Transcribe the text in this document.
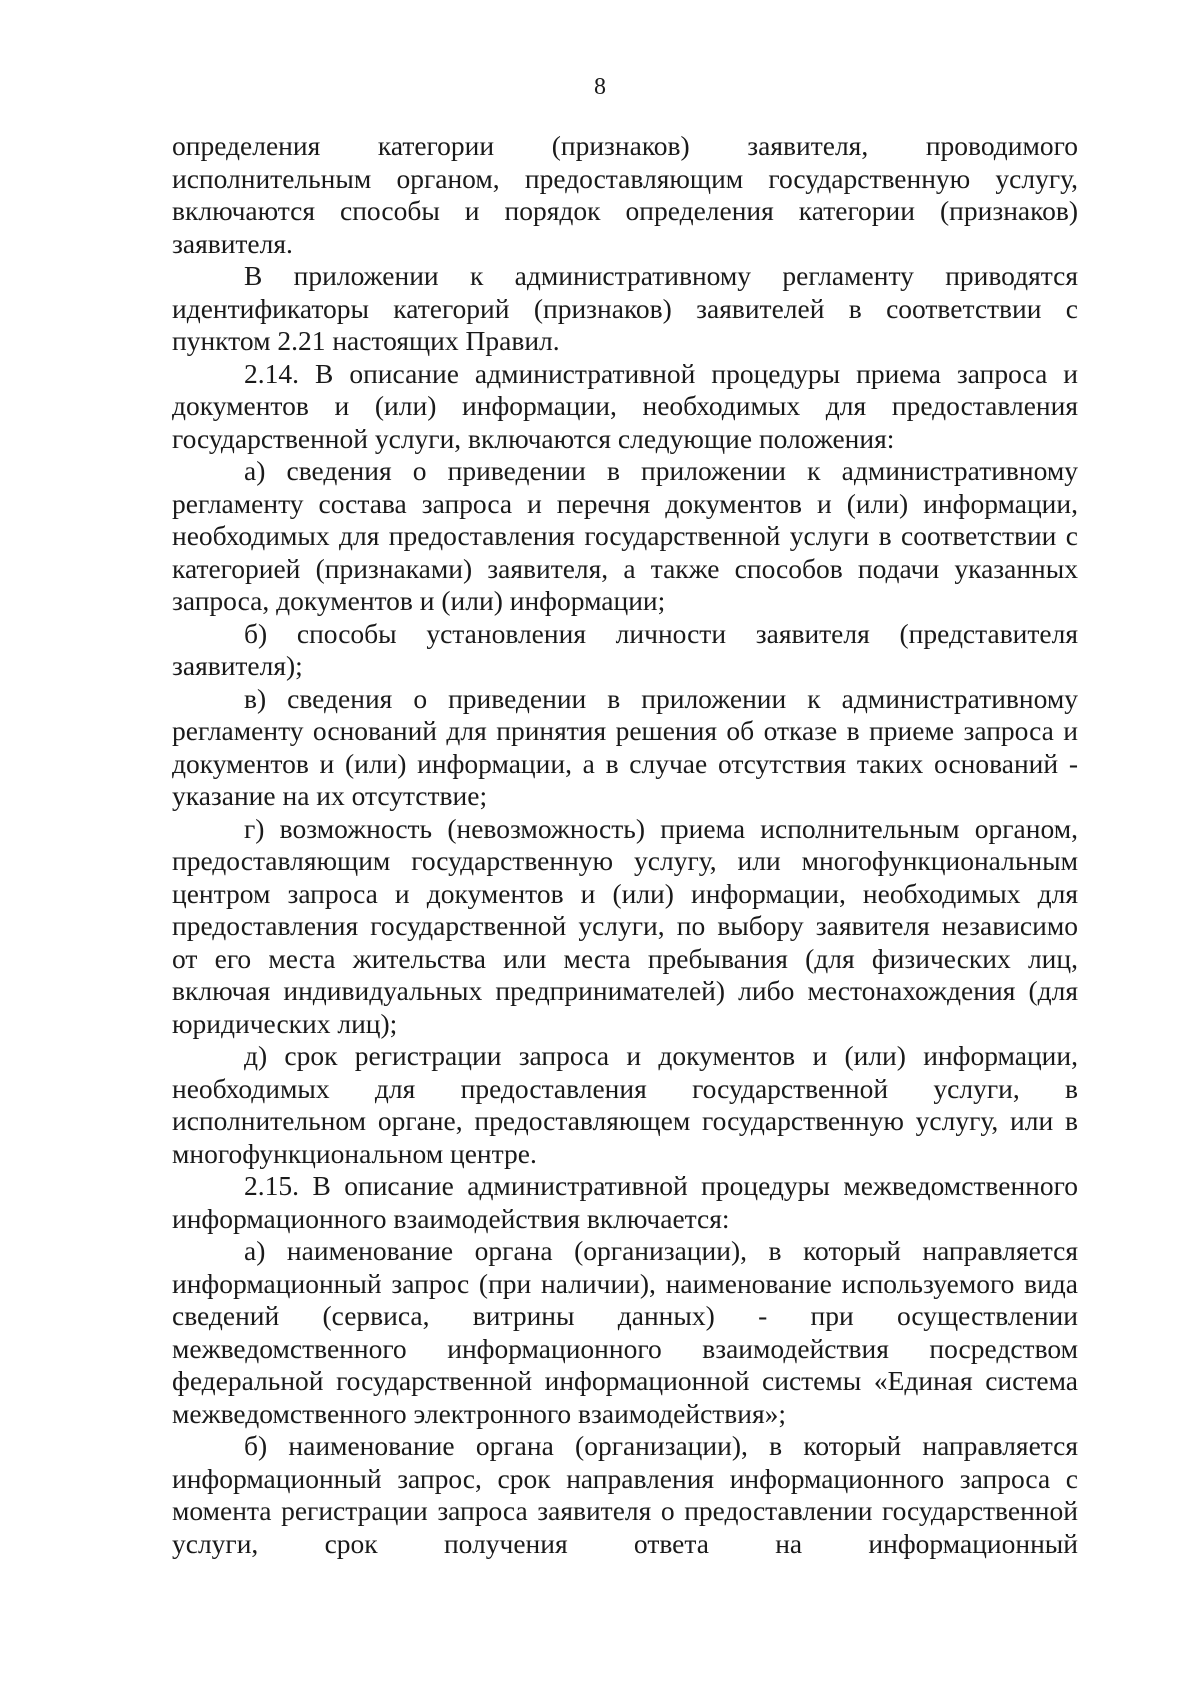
8

определения категории (признаков) заявителя, проводимого исполнительным органом, предоставляющим государственную услугу, включаются способы и порядок определения категории (признаков) заявителя.

В приложении к административному регламенту приводятся идентификаторы категорий (признаков) заявителей в соответствии с пунктом 2.21 настоящих Правил.

2.14. В описание административной процедуры приема запроса и документов и (или) информации, необходимых для предоставления государственной услуги, включаются следующие положения:

а) сведения о приведении в приложении к административному регламенту состава запроса и перечня документов и (или) информации, необходимых для предоставления государственной услуги в соответствии с категорией (признаками) заявителя, а также способов подачи указанных запроса, документов и (или) информации;

б) способы установления личности заявителя (представителя заявителя);

в) сведения о приведении в приложении к административному регламенту оснований для принятия решения об отказе в приеме запроса и документов и (или) информации, а в случае отсутствия таких оснований - указание на их отсутствие;

г) возможность (невозможность) приема исполнительным органом, предоставляющим государственную услугу, или многофункциональным центром запроса и документов и (или) информации, необходимых для предоставления государственной услуги, по выбору заявителя независимо от его места жительства или места пребывания (для физических лиц, включая индивидуальных предпринимателей) либо местонахождения (для юридических лиц);

д) срок регистрации запроса и документов и (или) информации, необходимых для предоставления государственной услуги, в исполнительном органе, предоставляющем государственную услугу, или в многофункциональном центре.

2.15. В описание административной процедуры межведомственного информационного взаимодействия включается:

а) наименование органа (организации), в который направляется информационный запрос (при наличии), наименование используемого вида сведений (сервиса, витрины данных) - при осуществлении межведомственного информационного взаимодействия посредством федеральной государственной информационной системы «Единая система межведомственного электронного взаимодействия»;

б) наименование органа (организации), в который направляется информационный запрос, срок направления информационного запроса с момента регистрации запроса заявителя о предоставлении государственной услуги, срок получения ответа на информационный
